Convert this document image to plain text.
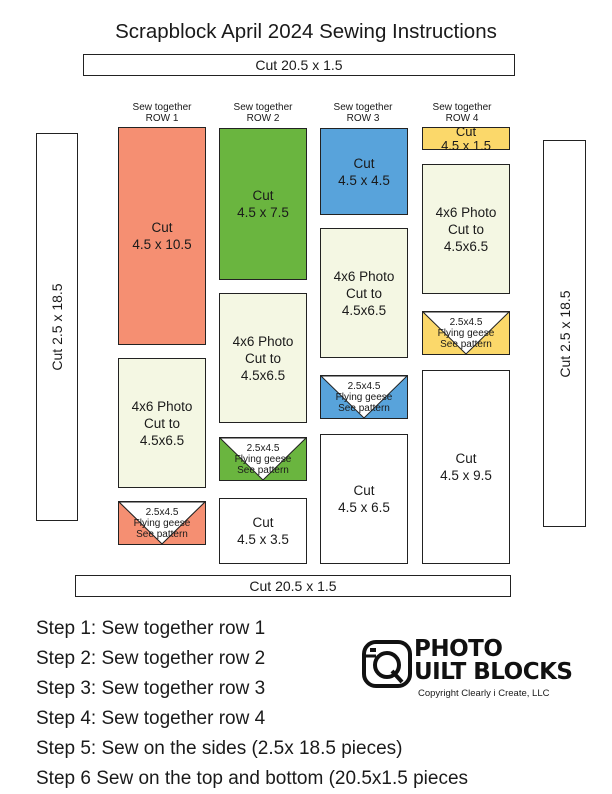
Scrapblock April 2024 Sewing Instructions
Cut 20.5 x 1.5
Cut 2.5 x 18.5	Cut 2.5 x 18.5
Sew together
ROW 1
Sew together
ROW 2
Sew together
ROW 3
Sew together
ROW 4
Cut
4.5 x 10.5
4x6 Photo
Cut to
4.5x6.5
2.5x4.5
Flying geese
See pattern
Cut
4.5 x 7.5
4x6 Photo
Cut to
4.5x6.5
2.5x4.5
Flying geese
See pattern
Cut
4.5 x 3.5
Cut
4.5 x 4.5
4x6 Photo
Cut to
4.5x6.5
2.5x4.5
Flying geese
See pattern
Cut
4.5 x 6.5
Cut
4.5 x 1.5
4x6 Photo
Cut to
4.5x6.5
2.5x4.5
Flying geese
See pattern
Cut
4.5 x 9.5
Cut 20.5 x 1.5
Step 1: Sew together row 1
Step 2: Sew together row 2
Step 3: Sew together row 3
Step 4: Sew together row 4
Step 5: Sew on the sides (2.5x 18.5 pieces)
Step 6 Sew on the top and bottom (20.5x1.5 pieces
PHOTO
UILT BLOCKS
Copyright Clearly i Create, LLC
